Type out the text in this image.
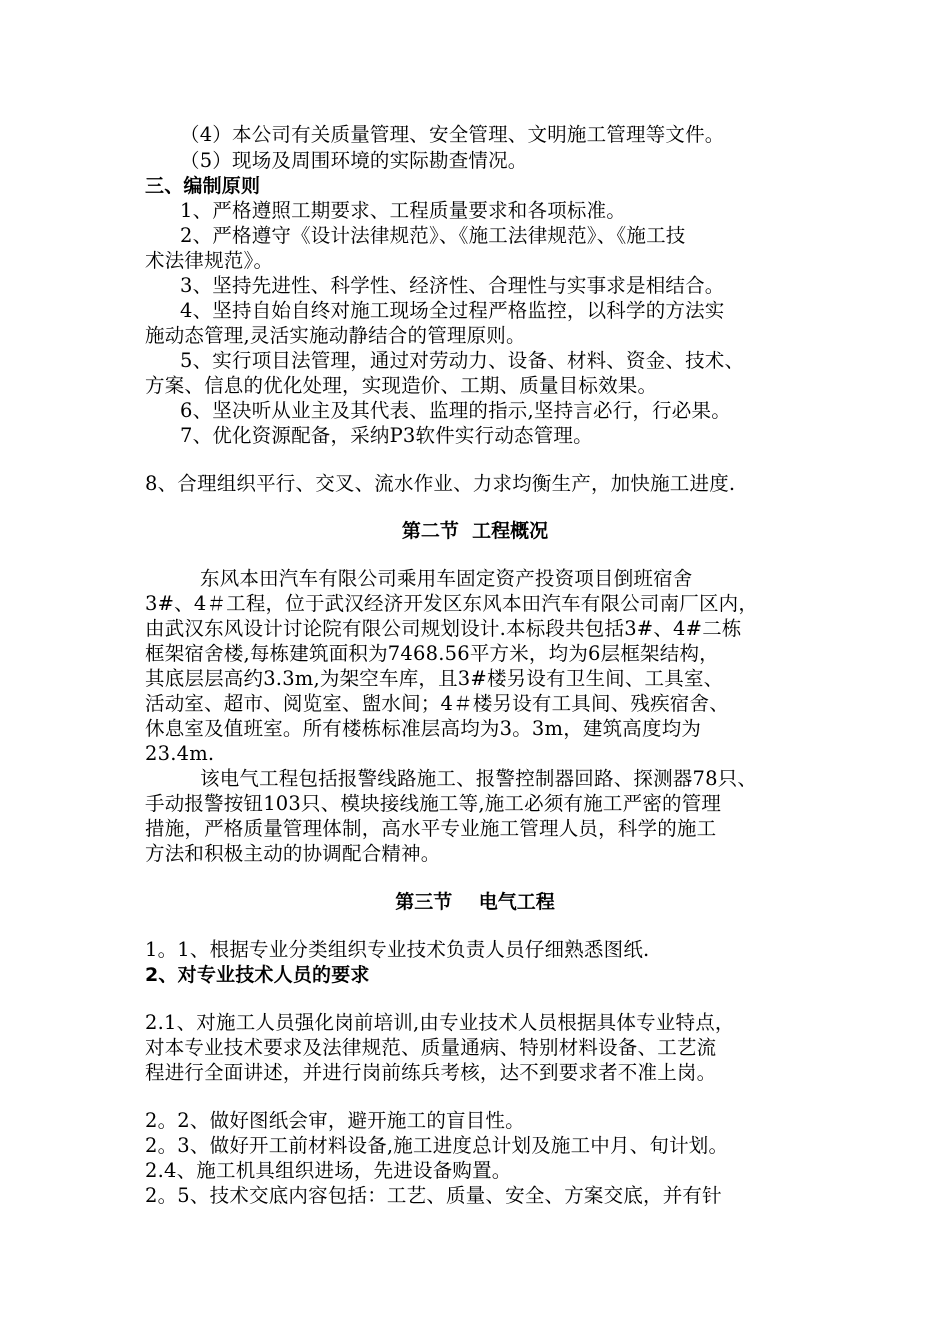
（4）本公司有关质量管理、安全管理、文明施工管理等文件。
（5）现场及周围环境的实际勘查情况。
三、编制原则
1、严格遵照工期要求、工程质量要求和各项标准。
2、严格遵守《设计法律规范》、《施工法律规范》、《施工技
术法律规范》。
3、坚持先进性、科学性、经济性、合理性与实事求是相结合。
4、坚持自始自终对施工现场全过程严格监控，以科学的方法实
施动态管理,灵活实施动静结合的管理原则。
5、实行项目法管理，通过对劳动力、设备、材料、资金、技术、
方案、信息的优化处理，实现造价、工期、质量目标效果。
6、坚决听从业主及其代表、监理的指示,坚持言必行，行必果。
7、优化资源配备，采纳P3软件实行动态管理。
8、合理组织平行、交叉、流水作业、力求均衡生产，加快施工进度.
第二节  工程概况
东风本田汽车有限公司乘用车固定资产投资项目倒班宿舍
3#、4＃工程，位于武汉经济开发区东风本田汽车有限公司南厂区内，
由武汉东风设计讨论院有限公司规划设计.本标段共包括3#、4#二栋
框架宿舍楼,每栋建筑面积为7468.56平方米，均为6层框架结构，
其底层层高约3.3m,为架空车库，且3#楼另设有卫生间、工具室、
活动室、超市、阅览室、盥水间；4＃楼另设有工具间、残疾宿舍、
休息室及值班室。所有楼栋标准层高均为3。3m，建筑高度均为
23.4m.
该电气工程包括报警线路施工、报警控制器回路、探测器78只、
手动报警按钮103只、模块接线施工等,施工必须有施工严密的管理
措施，严格质量管理体制，高水平专业施工管理人员，科学的施工
方法和积极主动的协调配合精神。
第三节    电气工程
1。1、根据专业分类组织专业技术负责人员仔细熟悉图纸.
2、对专业技术人员的要求
2.1、对施工人员强化岗前培训,由专业技术人员根据具体专业特点，
对本专业技术要求及法律规范、质量通病、特别材料设备、工艺流
程进行全面讲述，并进行岗前练兵考核，达不到要求者不准上岗。
2。2、做好图纸会审，避开施工的盲目性。
2。3、做好开工前材料设备,施工进度总计划及施工中月、旬计划。
2.4、施工机具组织进场，先进设备购置。
2。5、技术交底内容包括：工艺、质量、安全、方案交底，并有针
